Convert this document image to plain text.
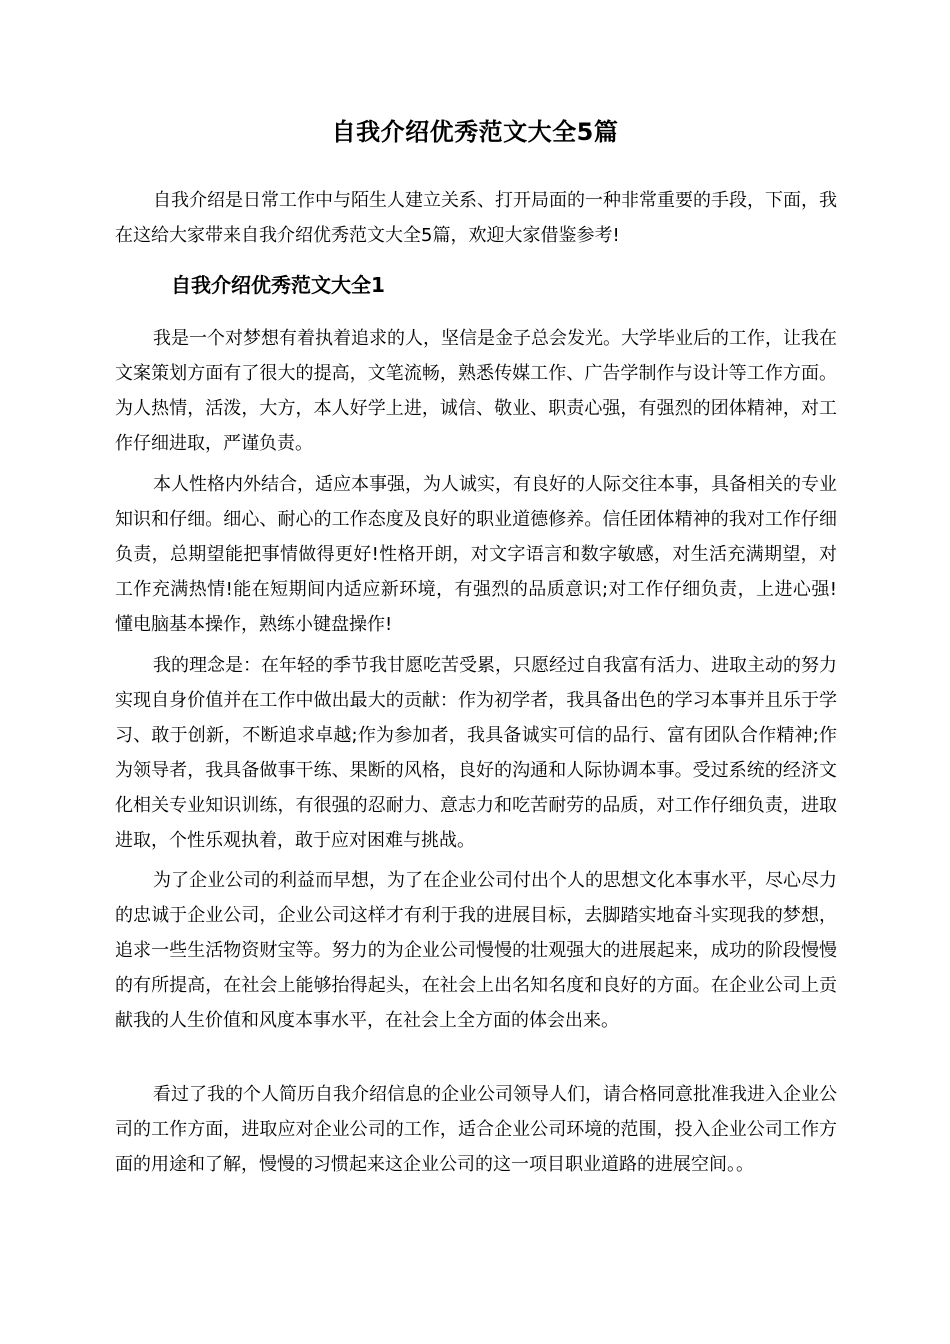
自我介绍优秀范文大全5篇

自我介绍是日常工作中与陌生人建立关系、打开局面的一种非常重要的手段，下面，我在这给大家带来自我介绍优秀范文大全5篇，欢迎大家借鉴参考!

自我介绍优秀范文大全1

我是一个对梦想有着执着追求的人，坚信是金子总会发光。大学毕业后的工作，让我在文案策划方面有了很大的提高，文笔流畅，熟悉传媒工作、广告学制作与设计等工作方面。为人热情，活泼，大方，本人好学上进，诚信、敬业、职责心强，有强烈的团体精神，对工作仔细进取，严谨负责。

本人性格内外结合，适应本事强，为人诚实，有良好的人际交往本事，具备相关的专业知识和仔细。细心、耐心的工作态度及良好的职业道德修养。信任团体精神的我对工作仔细负责，总期望能把事情做得更好!性格开朗，对文字语言和数字敏感，对生活充满期望，对工作充满热情!能在短期间内适应新环境，有强烈的品质意识;对工作仔细负责，上进心强!懂电脑基本操作，熟练小键盘操作!

我的理念是：在年轻的季节我甘愿吃苦受累，只愿经过自我富有活力、进取主动的努力实现自身价值并在工作中做出最大的贡献：作为初学者，我具备出色的学习本事并且乐于学习、敢于创新，不断追求卓越;作为参加者，我具备诚实可信的品行、富有团队合作精神;作为领导者，我具备做事干练、果断的风格，良好的沟通和人际协调本事。受过系统的经济文化相关专业知识训练，有很强的忍耐力、意志力和吃苦耐劳的品质，对工作仔细负责，进取进取，个性乐观执着，敢于应对困难与挑战。

为了企业公司的利益而早想，为了在企业公司付出个人的思想文化本事水平，尽心尽力的忠诚于企业公司，企业公司这样才有利于我的进展目标，去脚踏实地奋斗实现我的梦想，追求一些生活物资财宝等。努力的为企业公司慢慢的壮观强大的进展起来，成功的阶段慢慢的有所提高，在社会上能够抬得起头，在社会上出名知名度和良好的方面。在企业公司上贡献我的人生价值和风度本事水平，在社会上全方面的体会出来。

看过了我的个人简历自我介绍信息的企业公司领导人们，请合格同意批准我进入企业公司的工作方面，进取应对企业公司的工作，适合企业公司环境的范围，投入企业公司工作方面的用途和了解，慢慢的习惯起来这企业公司的这一项目职业道路的进展空间。。
